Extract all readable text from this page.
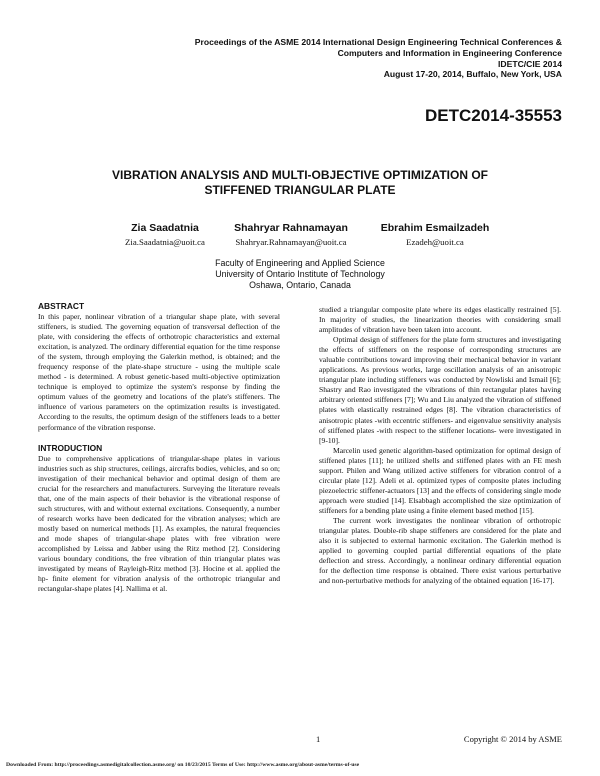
Proceedings of the ASME 2014 International Design Engineering Technical Conferences &
Computers and Information in Engineering Conference
IDETC/CIE 2014
August 17-20, 2014, Buffalo, New York, USA
DETC2014-35553
VIBRATION ANALYSIS AND MULTI-OBJECTIVE OPTIMIZATION OF
STIFFENED TRIANGULAR PLATE
Zia Saadatnia
Zia.Saadatnia@uoit.ca
Shahryar Rahnamayan
Shahryar.Rahnamayan@uoit.ca
Ebrahim Esmailzadeh
Ezadeh@uoit.ca
Faculty of Engineering and Applied Science
University of Ontario Institute of Technology
Oshawa, Ontario, Canada
ABSTRACT

In this paper, nonlinear vibration of a triangular shape plate, with several stiffeners, is studied. The governing equation of transversal deflection of the plate, with considering the effects of orthotropic characteristics and external excitation, is analyzed. The ordinary differential equation for the time response of the system, through employing the Galerkin method, is obtained; and the frequency response of the plate-shape structure - using the multiple scale method - is determined. A robust genetic-based multi-objective optimization technique is employed to optimize the system's response by finding the optimum values of the geometry and locations of the plate's stiffeners. The influence of various parameters on the optimization results is investigated. According to the results, the optimum design of the stiffeners leads to a better performance of the vibration response.

INTRODUCTION

Due to comprehensive applications of triangular-shape plates in various industries such as ship structures, ceilings, aircrafts bodies, vehicles, and so on; investigation of their mechanical behavior and optimal design of them are crucial for the researchers and manufacturers. Surveying the literature reveals that, one of the main aspects of their behavior is the vibrational response of such structures, with and without external excitations. Consequently, a number of research works have been dedicated for the vibration analyses; which are mostly based on numerical methods [1]. As examples, the natural frequencies and mode shapes of triangular-shape plates with free vibration were accomplished by Leissa and Jabber using the Ritz method [2]. Considering various boundary conditions, the free vibration of thin triangular plates was investigated by means of Rayleigh-Ritz method [3]. Hocine et al. applied the hp- finite element for vibration analysis of the orthotropic triangular and rectangular-shape plates [4]. Nallima et al.

studied a triangular composite plate where its edges elastically restrained [5]. In majority of studies, the linearization theories with considering small amplitudes of vibration have been taken into account.

Optimal design of stiffeners for the plate form structures and investigating the effects of stiffeners on the response of corresponding structures are valuable contributions toward improving their mechanical behavior in variant applications. As previous works, large oscillation analysis of an anisotropic triangular plate including stiffeners was conducted by Nowliski and Ismail [6]; Shastry and Rao investigated the vibrations of thin rectangular plates having arbitrary oriented stiffeners [7]; Wu and Liu analyzed the vibration of stiffened plates with elastically restrained edges [8]. The vibration characteristics of anisotropic plates -with eccentric stiffeners- and eigenvalue sensitivity analysis of stiffened plates -with respect to the stiffener locations- were investigated in [9-10].

Marcelin used genetic algorithm-based optimization for optimal design of stiffened plates [11]; he utilized shells and stiffened plates with an FE mesh support. Philen and Wang utilized active stiffeners for vibration control of a circular plate [12]. Adeli et al. optimized types of composite plates including piezoelectric stiffener-actuators [13] and the effects of considering single mode approach were studied [14]. Elsabbagh accomplished the size optimization of stiffeners for a bending plate using a finite element based method [15].

The current work investigates the nonlinear vibration of orthotropic triangular plates. Double-rib shape stiffeners are considered for the plate and also it is subjected to external harmonic excitation. The Galerkin method is applied to governing coupled partial differential equations of the plate deflection and stress. Accordingly, a nonlinear ordinary differential equation for the deflection time response is obtained. There exist various perturbative and non-perturbative methods for analyzing of the obtained equation [16-17].

1	Copyright © 2014 by ASME
Downloaded From: http://proceedings.asmedigitalcollection.asme.org/ on 10/23/2015 Terms of Use: http://www.asme.org/about-asme/terms-of-use
